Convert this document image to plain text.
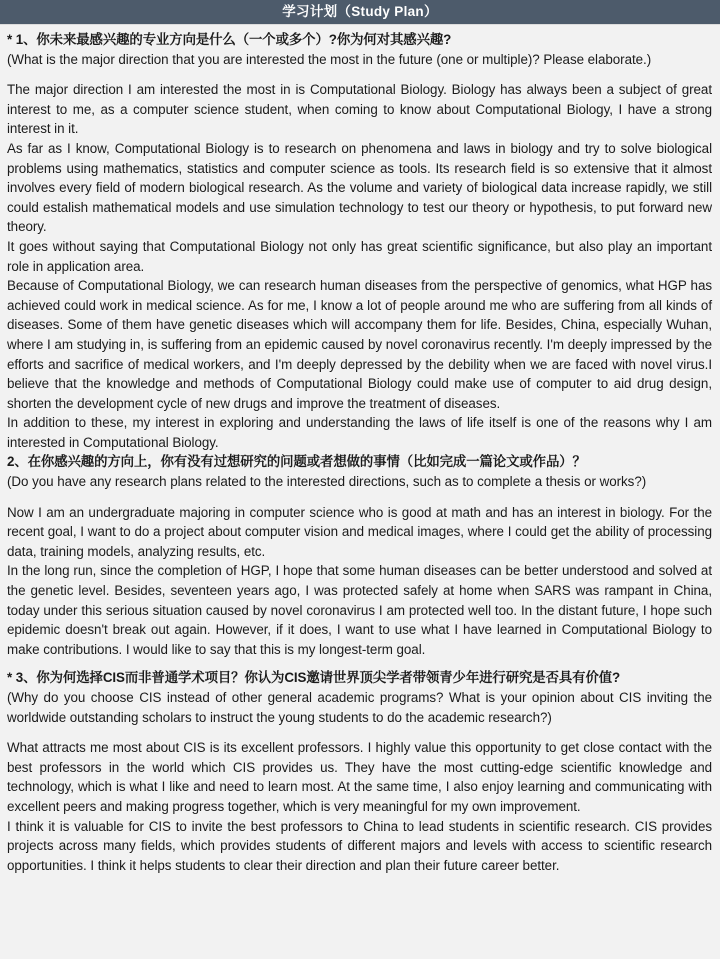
学习计划（Study Plan）

* 1、你未来最感兴趣的专业方向是什么（一个或多个）?你为何对其感兴趣?

(What is the major direction that you are interested the most in the future (one or multiple)? Please elaborate.)

The major direction I am interested the most in is Computational Biology. Biology has always been a subject of great interest to me, as a computer science student, when coming to know about Computational Biology, I have a strong interest in it.

As far as I know, Computational Biology is to research on phenomena and laws in biology and try to solve biological problems using mathematics, statistics and computer science as tools. Its research field is so extensive that it almost involves every field of modern biological research. As the volume and variety of biological data increase rapidly, we still could estalish mathematical models and use simulation technology to test our theory or hypothesis, to put forward new theory.

It goes without saying that Computational Biology not only has great scientific significance, but also play an important role in application area.

Because of Computational Biology, we can research human diseases from the perspective of genomics, what HGP has achieved could work in medical science. As for me, I know a lot of people around me who are suffering from all kinds of diseases. Some of them have genetic diseases which will accompany them for life. Besides, China, especially Wuhan, where I am studying in, is suffering from an epidemic caused by novel coronavirus recently. I'm deeply impressed by the efforts and sacrifice of medical workers, and I'm deeply depressed by the debility when we are faced with novel virus.I believe that the knowledge and methods of Computational Biology could make use of computer to aid drug design, shorten the development cycle of new drugs and improve the treatment of diseases.

In addition to these, my interest in exploring and understanding the laws of life itself is one of the reasons why I am interested in Computational Biology.

2、在你感兴趣的方向上，你有没有过想研究的问题或者想做的事情（比如完成一篇论文或作品）？

(Do you have any research plans related to the interested directions, such as to complete a thesis or works?)

Now I am an undergraduate majoring in computer science who is good at math and has an interest in biology. For the recent goal, I want to do a project about computer vision and medical images, where I could get the ability of processing data, training models, analyzing results, etc.

In the long run, since the completion of HGP, I hope that some human diseases can be better understood and solved at the genetic level. Besides, seventeen years ago, I was protected safely at home when SARS was rampant in China, today under this serious situation caused by novel coronavirus I am protected well too. In the distant future, I hope such epidemic doesn't break out again. However, if it does, I want to use what I have learned in Computational Biology to make contributions. I would like to say that this is my longest-term goal.

* 3、你为何选择CIS而非普通学术项目？你认为CIS邀请世界顶尖学者带领青少年进行研究是否具有价值?

(Why do you choose CIS instead of other general academic programs? What is your opinion about CIS inviting the worldwide outstanding scholars to instruct the young students to do the academic research?)

What attracts me most about CIS is its excellent professors. I highly value this opportunity to get close contact with the best professors in the world which CIS provides us. They have the most cutting-edge scientific knowledge and technology, which is what I like and need to learn most. At the same time, I also enjoy learning and communicating with excellent peers and making progress together, which is very meaningful for my own improvement.

I think it is valuable for CIS to invite the best professors to China to lead students in scientific research. CIS provides projects across many fields, which provides students of different majors and levels with access to scientific research opportunities. I think it helps students to clear their direction and plan their future career better.
